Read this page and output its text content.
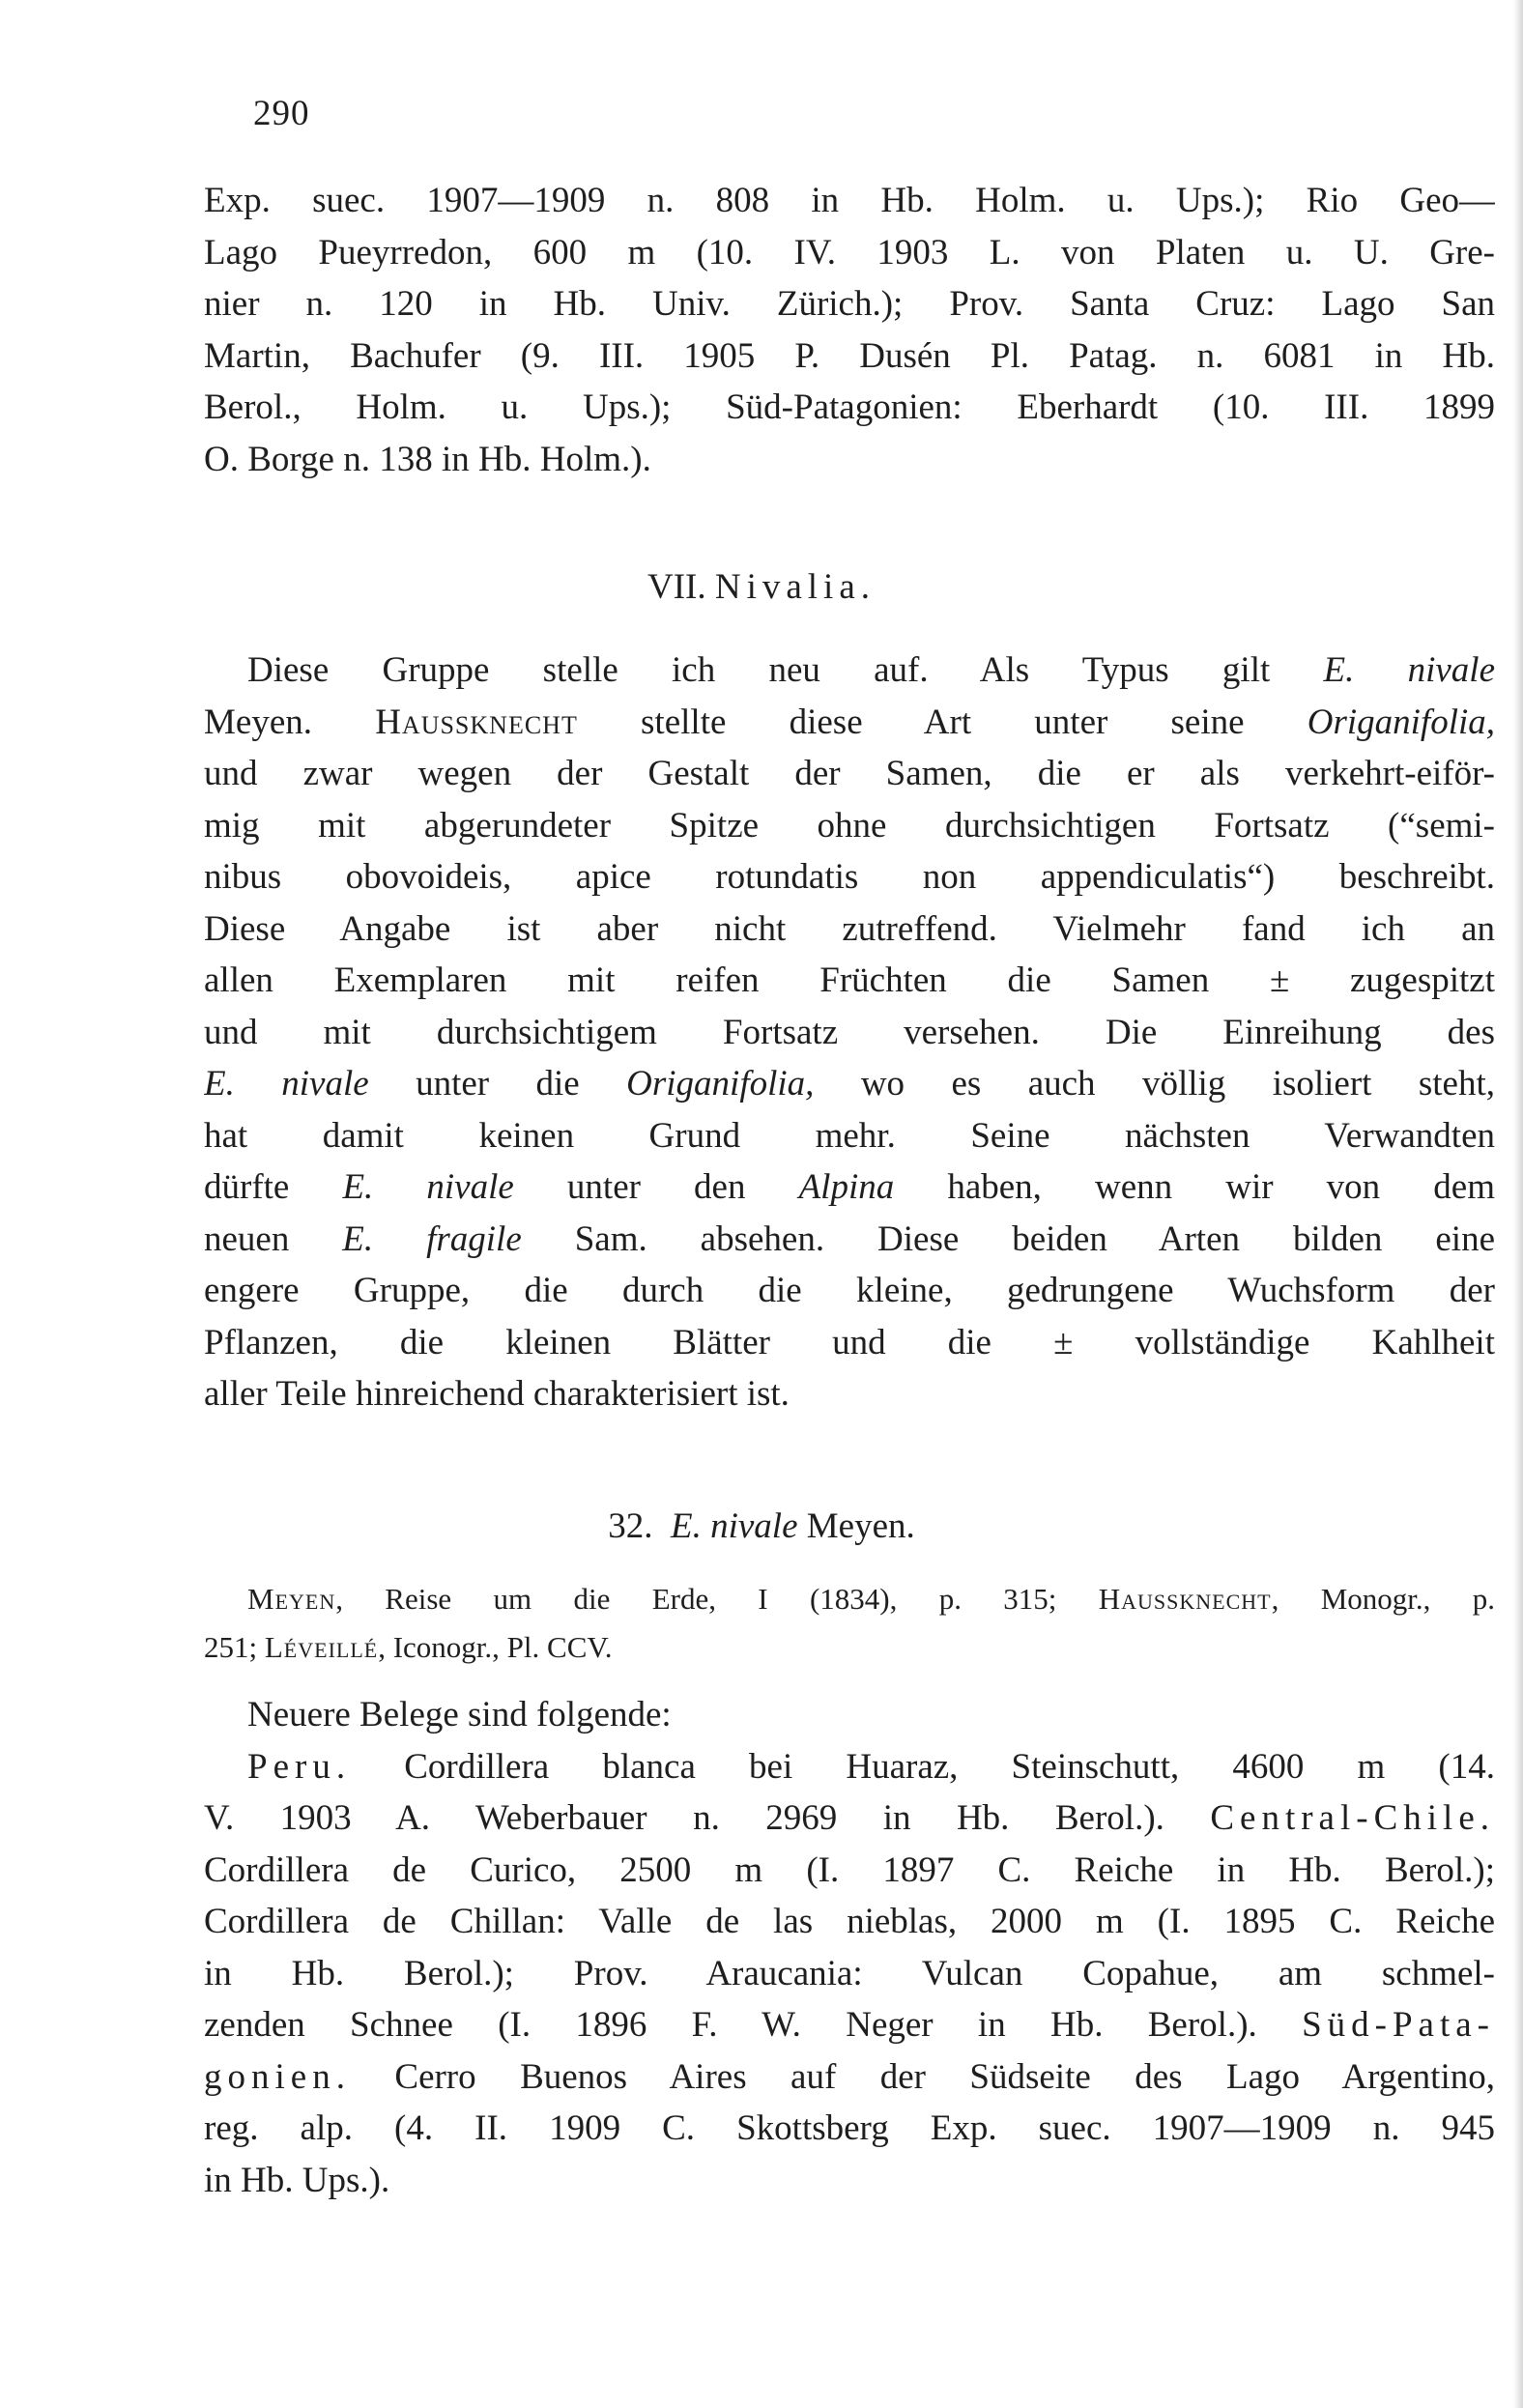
290
Exp. suec. 1907—1909 n. 808 in Hb. Holm. u. Ups.); Rio Geo—
Lago Pueyrredon, 600 m (10. IV. 1903 L. von Platen u. U. Gre-
nier n. 120 in Hb. Univ. Zürich.); Prov. Santa Cruz: Lago San
Martin, Bachufer (9. III. 1905 P. Dusén Pl. Patag. n. 6081 in Hb.
Berol., Holm. u. Ups.); Süd-Patagonien: Eberhardt (10. III. 1899
O. Borge n. 138 in Hb. Holm.).
VII. Nivalia.
Diese Gruppe stelle ich neu auf. Als Typus gilt E. nivale
Meyen. Haussknecht stellte diese Art unter seine Origanifolia,
und zwar wegen der Gestalt der Samen, die er als verkehrt-eiför-
mig mit abgerundeter Spitze ohne durchsichtigen Fortsatz (“semi-
nibus obovoideis, apice rotundatis non appendiculatis“) beschreibt.
Diese Angabe ist aber nicht zutreffend. Vielmehr fand ich an
allen Exemplaren mit reifen Früchten die Samen ± zugespitzt
und mit durchsichtigem Fortsatz versehen. Die Einreihung des
E. nivale unter die Origanifolia, wo es auch völlig isoliert steht,
hat damit keinen Grund mehr. Seine nächsten Verwandten
dürfte E. nivale unter den Alpina haben, wenn wir von dem
neuen E. fragile Sam. absehen. Diese beiden Arten bilden eine
engere Gruppe, die durch die kleine, gedrungene Wuchsform der
Pflanzen, die kleinen Blätter und die ± vollständige Kahlheit
aller Teile hinreichend charakterisiert ist.
32. E. nivale Meyen.
Meyen, Reise um die Erde, I (1834), p. 315; Haussknecht, Monogr., p.
251; Léveillé, Iconogr., Pl. CCV.
Neuere Belege sind folgende:
Peru. Cordillera blanca bei Huaraz, Steinschutt, 4600 m (14.
V. 1903 A. Weberbauer n. 2969 in Hb. Berol.). Central-Chile.
Cordillera de Curico, 2500 m (I. 1897 C. Reiche in Hb. Berol.);
Cordillera de Chillan: Valle de las nieblas, 2000 m (I. 1895 C. Reiche
in Hb. Berol.); Prov. Araucania: Vulcan Copahue, am schmel-
zenden Schnee (I. 1896 F. W. Neger in Hb. Berol.). Süd-Pata-
gonien. Cerro Buenos Aires auf der Südseite des Lago Argentino,
reg. alp. (4. II. 1909 C. Skottsberg Exp. suec. 1907—1909 n. 945
in Hb. Ups.).
